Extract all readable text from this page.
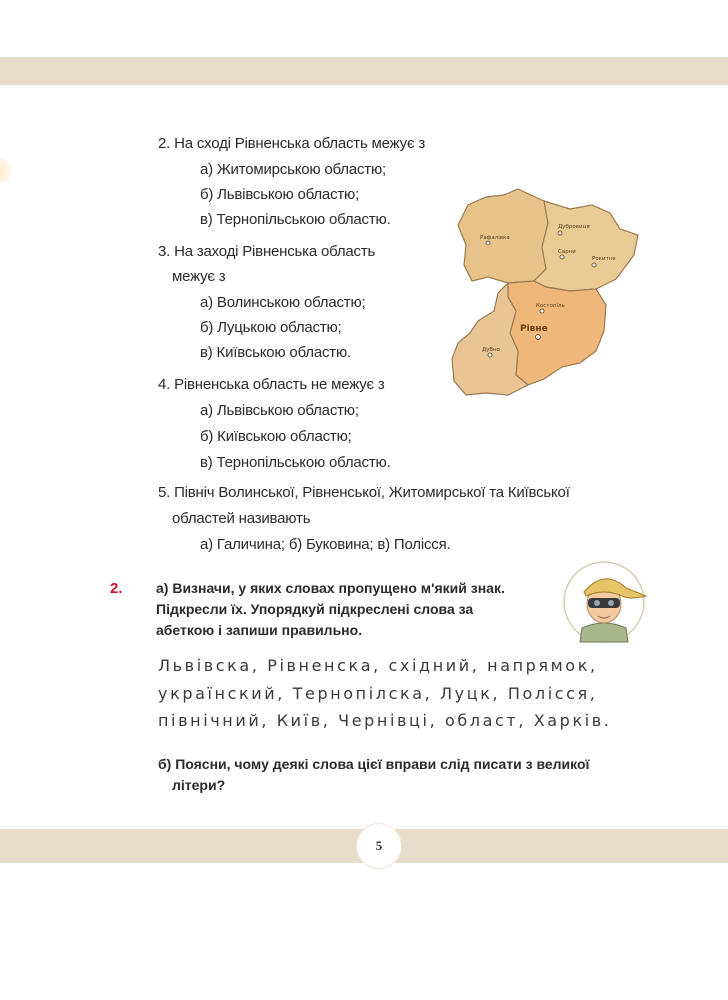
2. На сході Рівненська область межує з
а) Житомирською областю;
б) Львівською областю;
в) Тернопільською областю.
3. На заході Рівненська область
межує з
а) Волинською областю;
б) Луцькою областю;
в) Київською областю.
4. Рівненська область не межує з
а) Львівською областю;
б) Київською областю;
в) Тернопільською областю.
5. Північ Волинської, Рівненської, Житомирської та Київської
областей називають
а) Галичина; б) Буковина; в) Полісся.
Дубровиця
Рокитне
Сарни
Рафалівка
Костопіль
Рівне
Дубно
2. а) Визначи, у яких словах пропущено м'який знак.
Підкресли їх. Упорядкуй підкреслені слова за
абеткою і запиши правильно.
Львівска, Рівненска, східний, напрямок,
українский, Тернопілска, Луцк, Полісся,
північний, Київ, Чернівці, област, Харків.
б) Поясни, чому деякі слова цієї вправи слід писати з великої
літери?
5
